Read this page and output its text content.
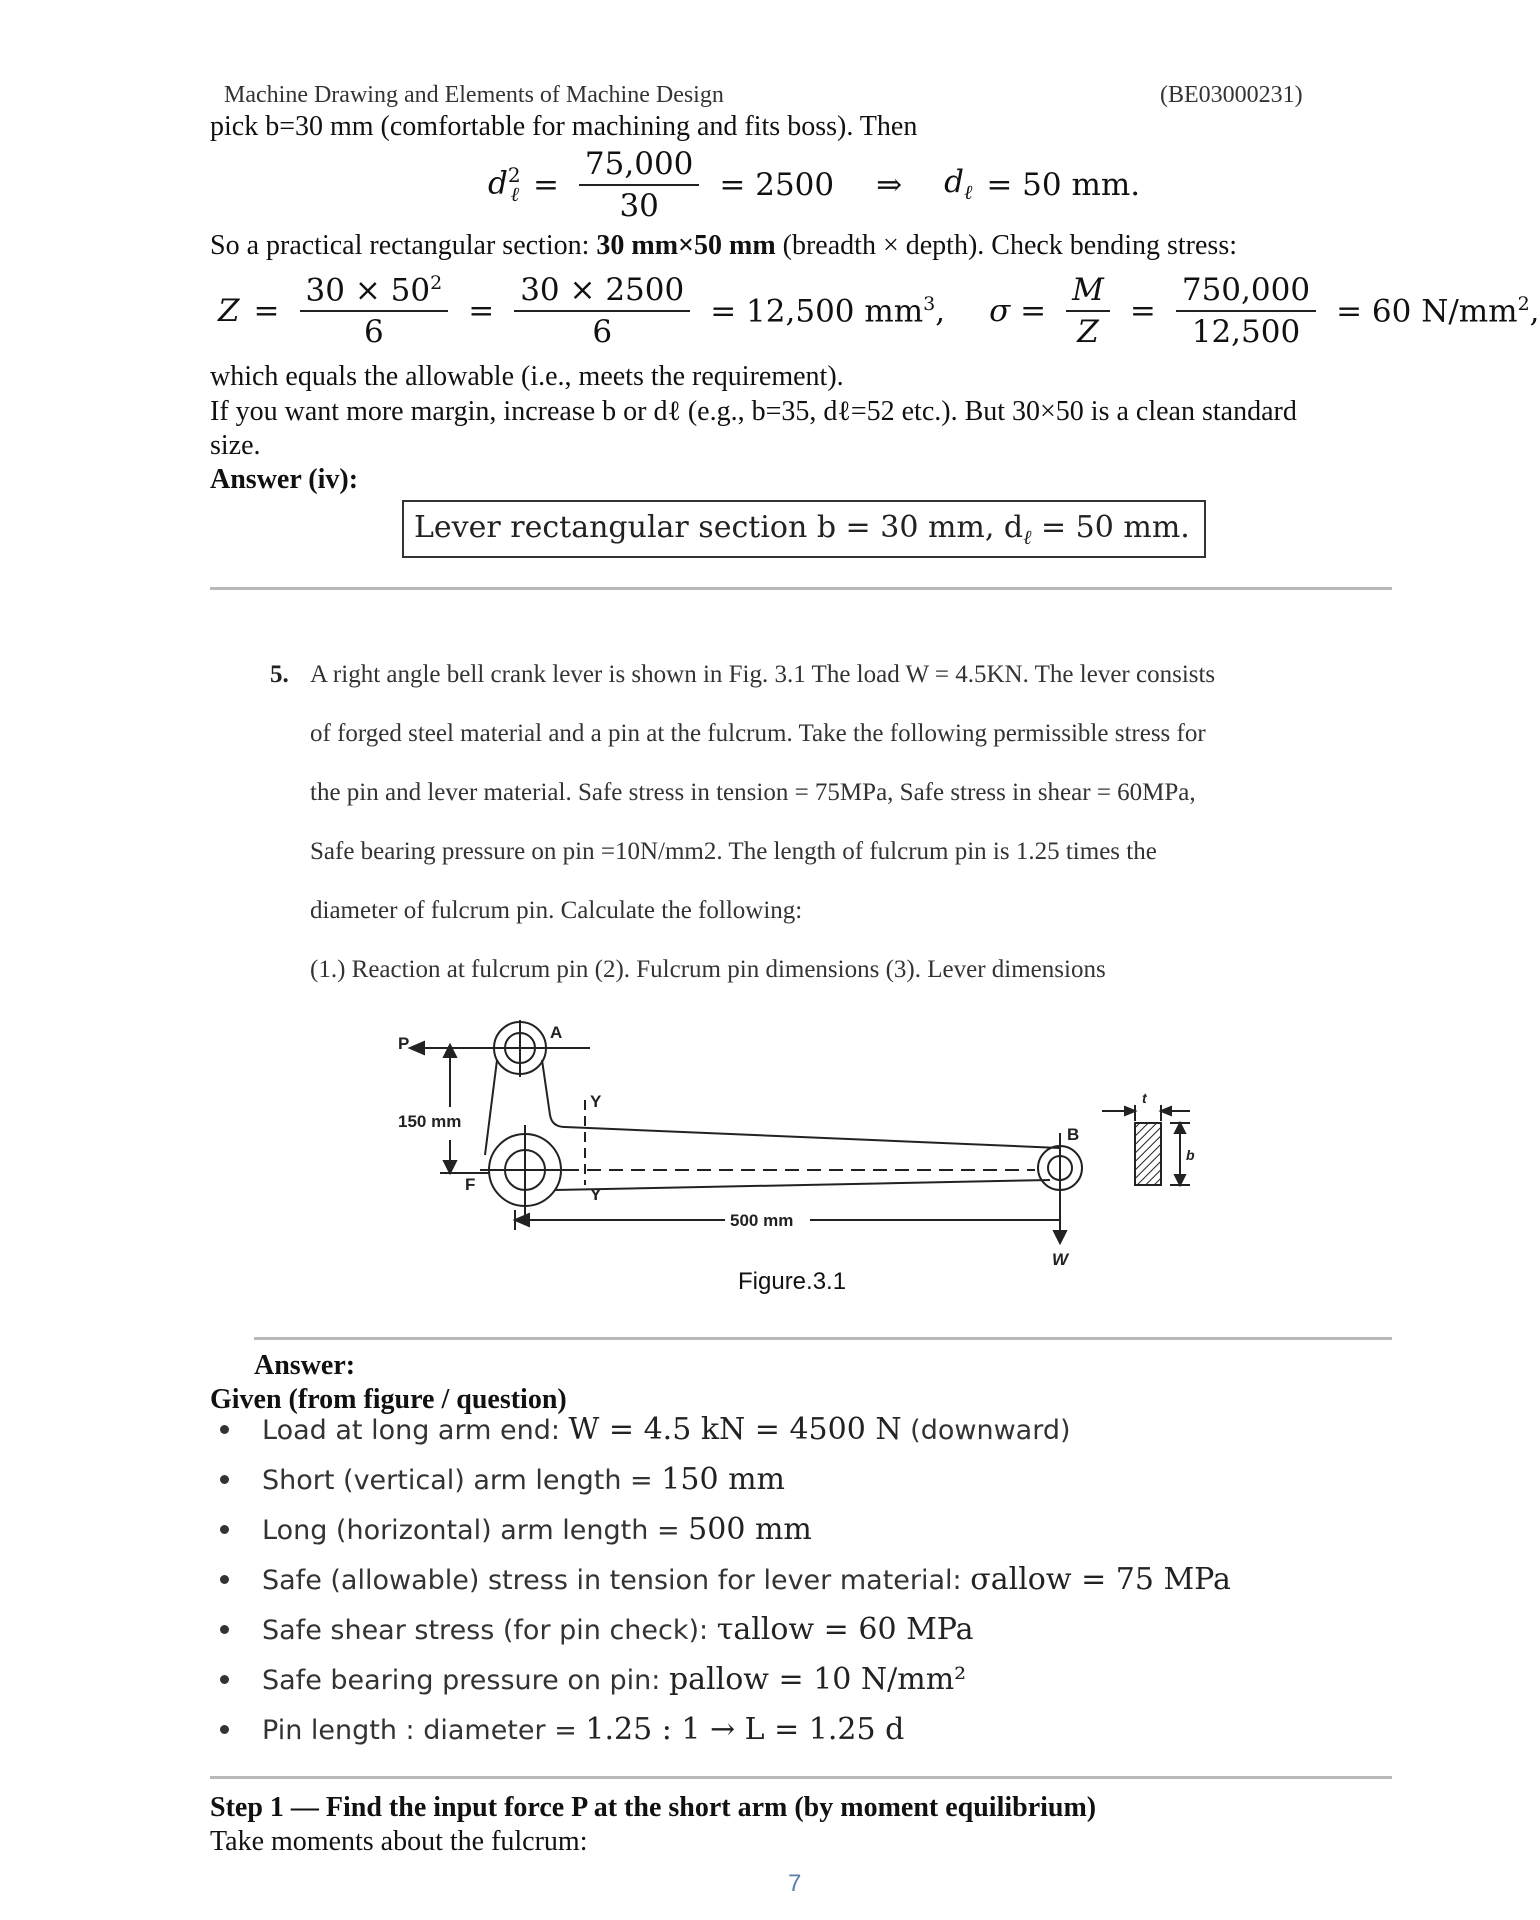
Machine Drawing and Elements of Machine Design	(BE03000231)
pick b=30 mm (comfortable for machining and fits boss). Then
$d^2_\ell = \frac{75,000}{30} = 2500$ ⇒ $d_\ell = 50$ mm.
So a practical rectangular section: 30 mm×50 mm (breadth × depth). Check bending stress:
$Z = \frac{30 \times 50^2}{6} = \frac{30 \times 2500}{6} = 12,500$ $mm^3$, $\sigma = \frac{M}{Z} = \frac{750,000}{12,500} = 60$ $N/mm^2$,
which equals the allowable (i.e., meets the requirement).
If you want more margin, increase b or dℓ (e.g., b=35, dℓ=52 etc.). But 30×50 is a clean standard
size.
Answer (iv):
Lever rectangular section b = 30 mm, $d_\ell = 50$ mm.
5. A right angle bell crank lever is shown in Fig. 3.1 The load W = 4.5KN. The lever consists
of forged steel material and a pin at the fulcrum. Take the following permissible stress for
the pin and lever material. Safe stress in tension = 75MPa, Safe stress in shear = 60MPa,
Safe bearing pressure on pin =10N/mm2. The length of fulcrum pin is 1.25 times the
diameter of fulcrum pin. Calculate the following:
(1.) Reaction at fulcrum pin (2). Fulcrum pin dimensions (3). Lever dimensions
P
A
Y
Y
150 mm
F
B
500 mm
W
t
b
Figure.3.1
Answer:
Given (from figure / question)
Load at long arm end: W = 4.5 kN = 4500 N (downward)
Short (vertical) arm length = 150 mm
Long (horizontal) arm length = 500 mm
Safe (allowable) stress in tension for lever material: σallow = 75 MPa
Safe shear stress (for pin check): τallow = 60 MPa
Safe bearing pressure on pin: pallow = 10 N/mm²
Pin length : diameter = 1.25 : 1 → L = 1.25 d
Step 1 — Find the input force P at the short arm (by moment equilibrium)
Take moments about the fulcrum:
7
